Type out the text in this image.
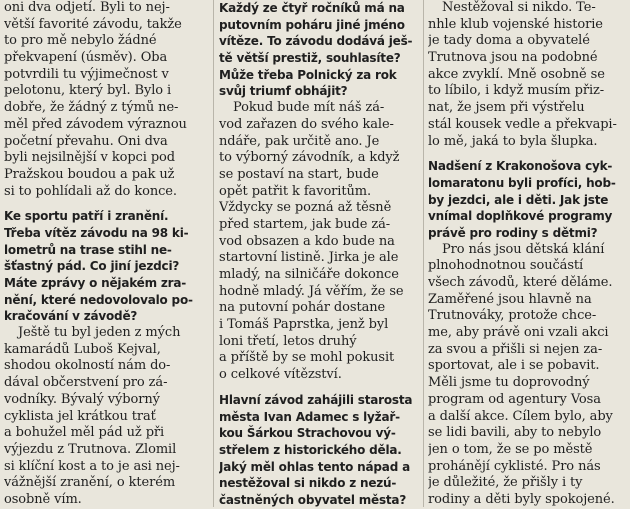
oni dva odjetí. Byli to nej-
větší favorité závodu, takže
to pro mě nebylo žádné
překvapení (úsměv). Oba
potvrdili tu výjimečnost v
pelotonu, který byl. Bylo i
dobře, že žádný z týmů ne-
měl před závodem výraznou
početní převahu. Oni dva
byli nejsilnější v kopci pod
Pražskou boudou a pak už
si to pohlídali až do konce.
Ke sportu patří i zranění.
Třeba vítěz závodu na 98 ki-
lometrů na trase stihl ne-
šťastný pád. Co jiní jezdci?
Máte zprávy o nějakém zra-
nění, které nedovolovalo po-
kračování v závodě?
Ještě tu byl jeden z mých
kamarádů Luboš Kejval,
shodou okolností nám do-
dával občerstvení pro zá-
vodníky. Bývalý výborný
cyklista jel krátkou trať
a bohužel měl pád už při
výjezdu z Trutnova. Zlomil
si klíční kost a to je asi nej-
vážnější zranění, o kterém
osobně vím.
Každý ze čtyř ročníků má na
putovním poháru jiné jméno
vítěze. To závodu dodává ješ-
tě větší prestiž, souhlasíte?
Může třeba Polnický za rok
svůj triumf obhájit?
Pokud bude mít náš zá-
vod zařazen do svého kale-
ndáře, pak určitě ano. Je
to výborný závodník, a když
se postaví na start, bude
opět patřit k favoritům.
Vždycky se pozná až těsně
před startem, jak bude zá-
vod obsazen a kdo bude na
startovní listině. Jirka je ale
mladý, na silničáře dokonce
hodně mladý. Já věřím, že se
na putovní pohár dostane
i Tomáš Paprstka, jenž byl
loni třetí, letos druhý
a příště by se mohl pokusit
o celkové vítězství.
Hlavní závod zahájili starosta
města Ivan Adamec s lyžař-
kou Šárkou Strachovou vý-
střelem z historického děla.
Jaký měl ohlas tento nápad a
nestěžoval si nikdo z nezú-
častněných obyvatel města?
Nestěžoval si nikdo. Te-
nhle klub vojenské historie
je tady doma a obyvatelé
Trutnova jsou na podobné
akce zvyklí. Mně osobně se
to líbilo, i když musím přiz-
nat, že jsem při výstřelu
stál kousek vedle a překvapi-
lo mě, jaká to byla šlupka.
Nadšení z Krakonošova cyk-
lomaratonu byli profíci, hob-
by jezdci, ale i děti. Jak jste
vnímal doplňkové programy
právě pro rodiny s dětmi?
Pro nás jsou dětská klání
plnohodnotnou součástí
všech závodů, které děláme.
Zaměřené jsou hlavně na
Trutnováky, protože chce-
me, aby právě oni vzali akci
za svou a přišli si nejen za-
sportovat, ale i se pobavit.
Měli jsme tu doprovodný
program od agentury Vosa
a další akce. Cílem bylo, aby
se lidi bavili, aby to nebylo
jen o tom, že se po městě
prohánějí cyklisté. Pro nás
je důležité, že přišly i ty
rodiny a děti byly spokojené.
